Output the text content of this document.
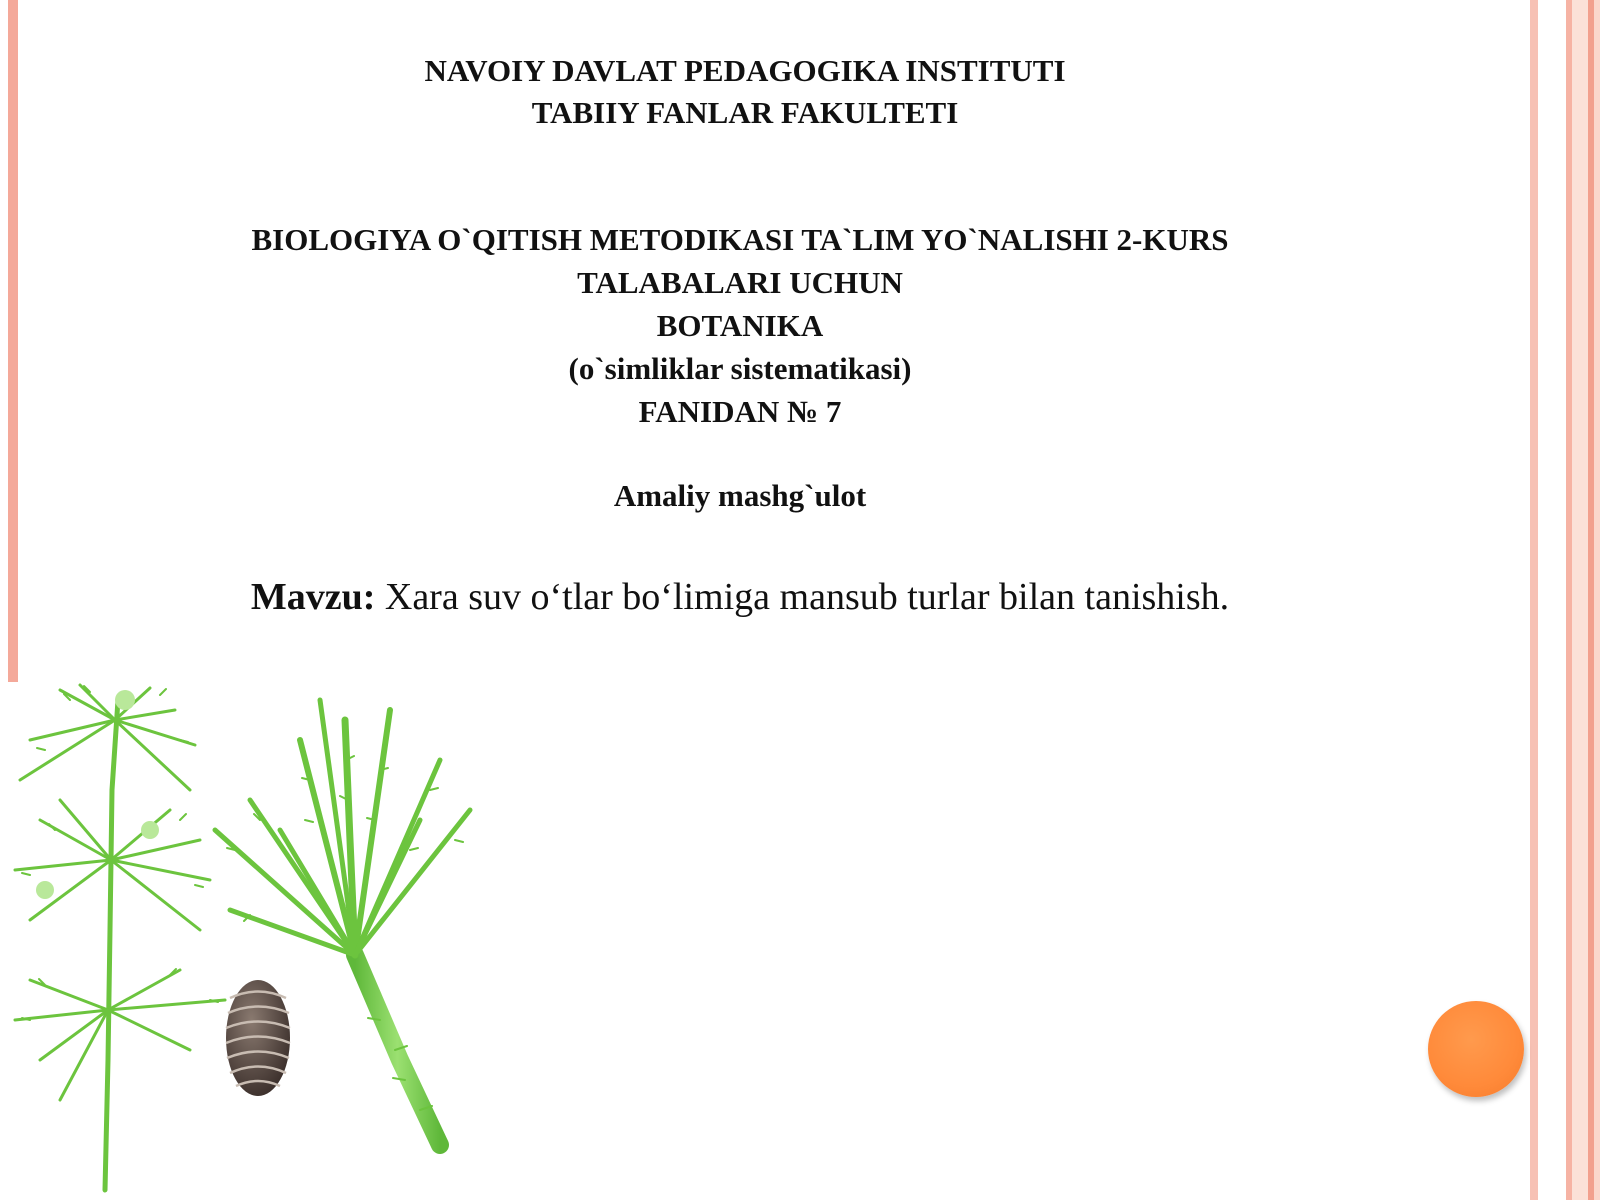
NAVOIY DAVLAT PEDAGOGIKA INSTITUTI
TABIIY FANLAR FAKULTETI
BIOLOGIYA O`QITISH METODIKASI TA`LIM YO`NALISHI 2-KURS
TALABALARI UCHUN
BOTANIKA
(o`simliklar sistematikasi)
FANIDAN № 7
Amaliy mashg`ulot
Mavzu: Xara suv o‘tlar bo‘limiga mansub turlar bilan tanishish.
